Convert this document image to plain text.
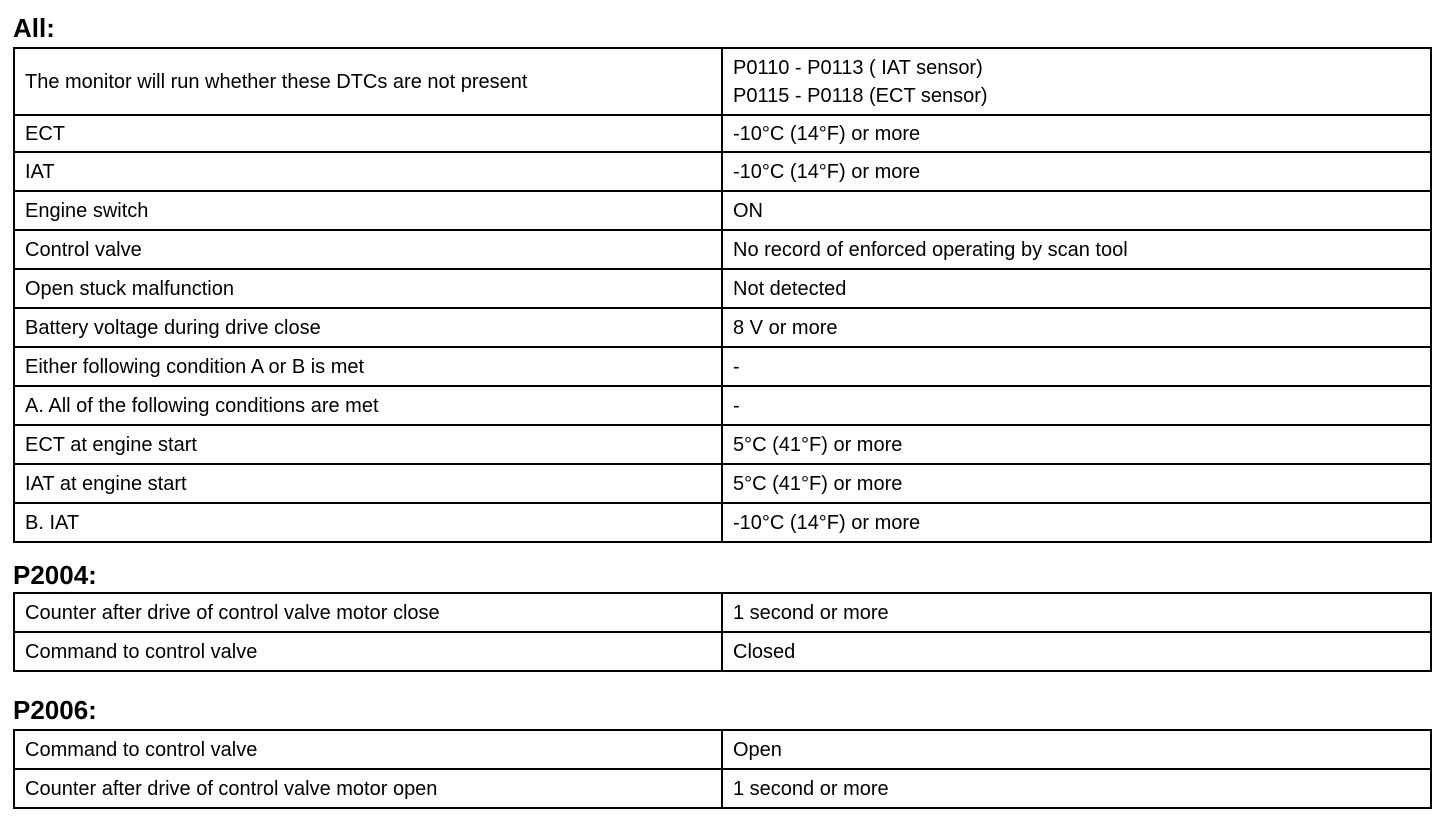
All:
The monitor will run whether these DTCs are not present	P0110 - P0113 ( IAT sensor)
P0115 - P0118 (ECT sensor)

ECT	-10°C (14°F) or more
IAT	-10°C (14°F) or more
Engine switch	ON
Control valve	No record of enforced operating by scan tool
Open stuck malfunction	Not detected
Battery voltage during drive close	8 V or more
Either following condition A or B is met	-
A. All of the following conditions are met	-
ECT at engine start	5°C (41°F) or more
IAT at engine start	5°C (41°F) or more
B. IAT	-10°C (14°F) or more
P2004:
Counter after drive of control valve motor close	1 second or more
Command to control valve	Closed
P2006:
Command to control valve	Open
Counter after drive of control valve motor open	1 second or more
